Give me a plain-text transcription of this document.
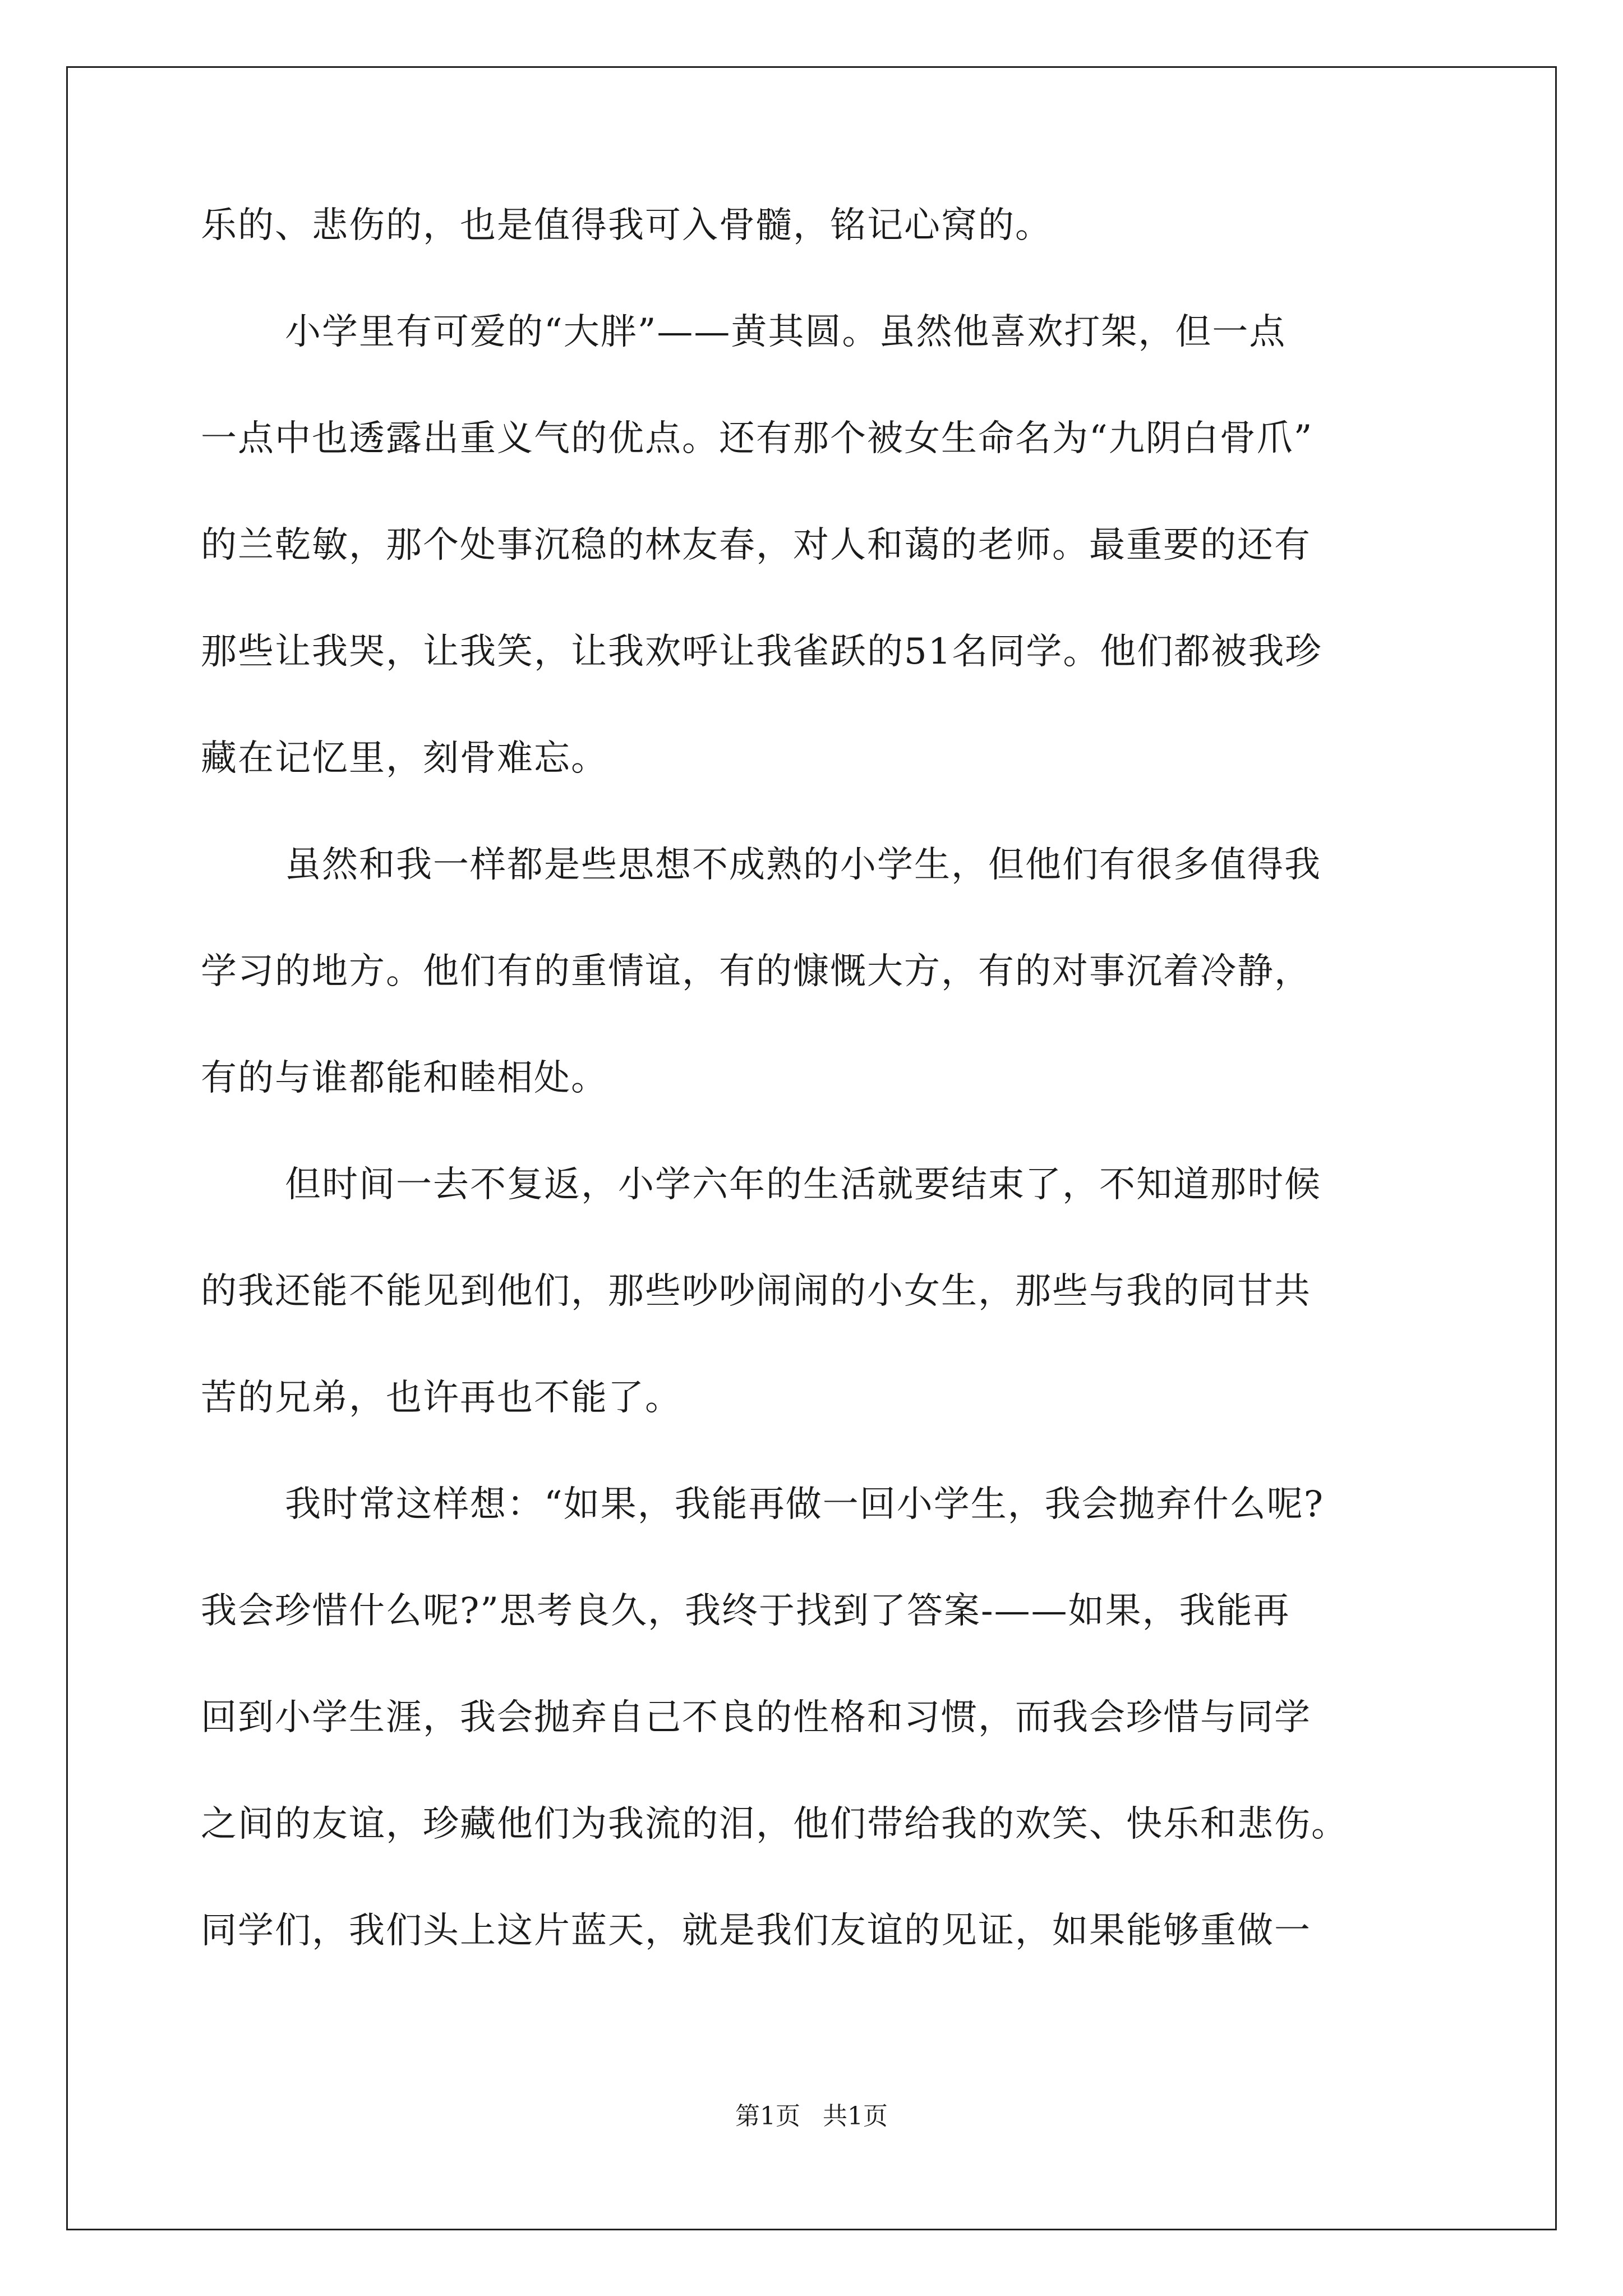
乐的、悲伤的，也是值得我可入骨髓，铭记心窝的。
小学里有可爱的“大胖”——黄其圆。虽然他喜欢打架，但一点
一点中也透露出重义气的优点。还有那个被女生命名为“九阴白骨爪”
的兰乾敏，那个处事沉稳的林友春，对人和蔼的老师。最重要的还有
那些让我哭，让我笑，让我欢呼让我雀跃的51名同学。他们都被我珍
藏在记忆里，刻骨难忘。
虽然和我一样都是些思想不成熟的小学生，但他们有很多值得我
学习的地方。他们有的重情谊，有的慷慨大方，有的对事沉着冷静，
有的与谁都能和睦相处。
但时间一去不复返，小学六年的生活就要结束了，不知道那时候
的我还能不能见到他们，那些吵吵闹闹的小女生，那些与我的同甘共
苦的兄弟，也许再也不能了。
我时常这样想：“如果，我能再做一回小学生，我会抛弃什么呢?
我会珍惜什么呢?”思考良久，我终于找到了答案-——如果，我能再
回到小学生涯，我会抛弃自己不良的性格和习惯，而我会珍惜与同学
之间的友谊，珍藏他们为我流的泪，他们带给我的欢笑、快乐和悲伤。
同学们，我们头上这片蓝天，就是我们友谊的见证，如果能够重做一
第1页 共1页
